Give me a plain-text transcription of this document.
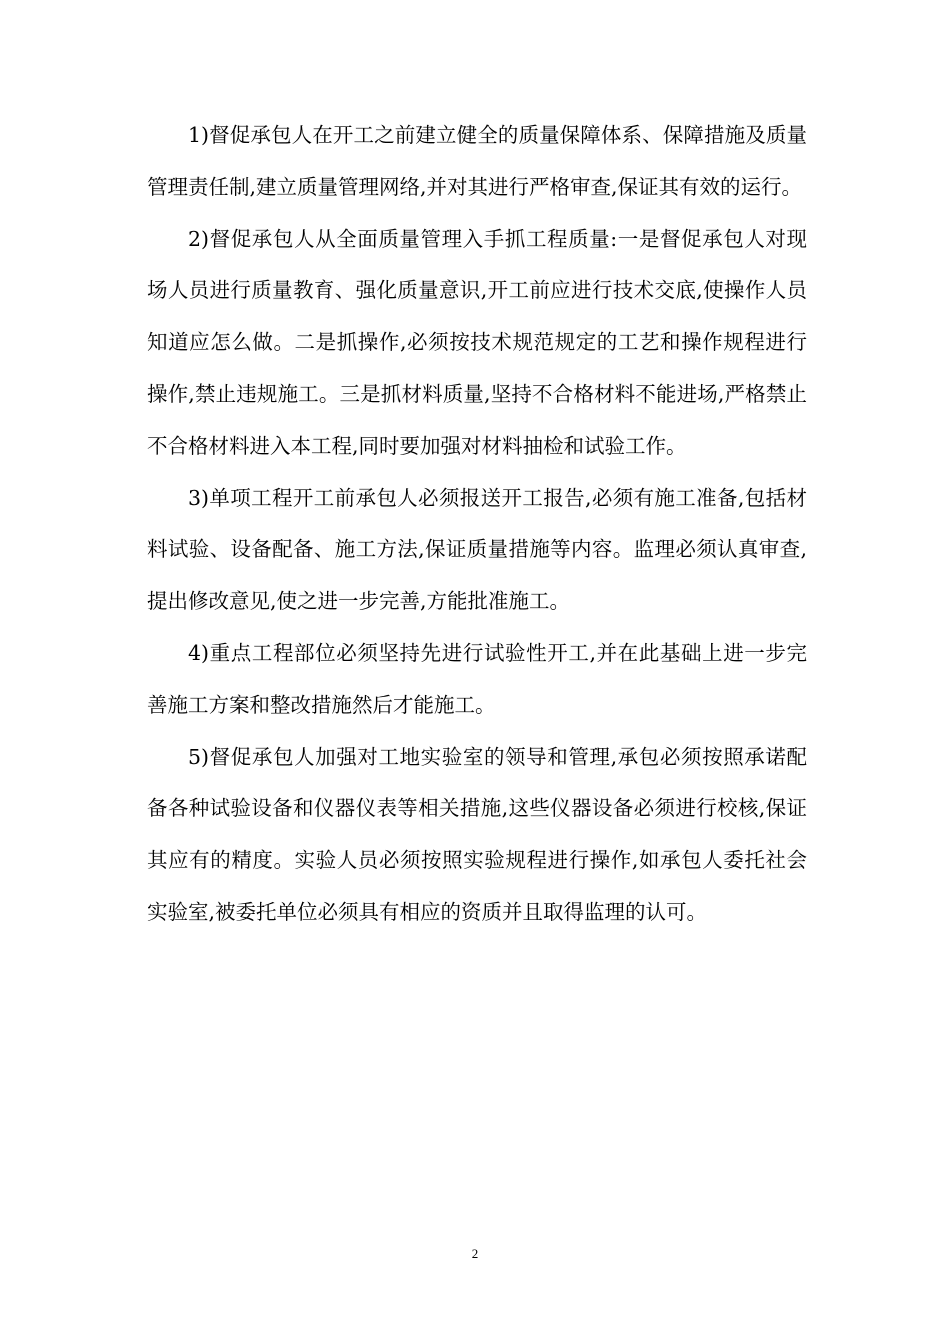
1)督促承包人在开工之前建立健全的质量保障体系、保障措施及质量管理责任制,建立质量管理网络,并对其进行严格审查,保证其有效的运行。

2)督促承包人从全面质量管理入手抓工程质量:一是督促承包人对现场人员进行质量教育、强化质量意识,开工前应进行技术交底,使操作人员知道应怎么做。二是抓操作,必须按技术规范规定的工艺和操作规程进行操作,禁止违规施工。三是抓材料质量,坚持不合格材料不能进场,严格禁止不合格材料进入本工程,同时要加强对材料抽检和试验工作。

3)单项工程开工前承包人必须报送开工报告,必须有施工准备,包括材料试验、设备配备、施工方法,保证质量措施等内容。监理必须认真审查,提出修改意见,使之进一步完善,方能批准施工。

4)重点工程部位必须坚持先进行试验性开工,并在此基础上进一步完善施工方案和整改措施然后才能施工。

5)督促承包人加强对工地实验室的领导和管理,承包必须按照承诺配备各种试验设备和仪器仪表等相关措施,这些仪器设备必须进行校核,保证其应有的精度。实验人员必须按照实验规程进行操作,如承包人委托社会实验室,被委托单位必须具有相应的资质并且取得监理的认可。

2
